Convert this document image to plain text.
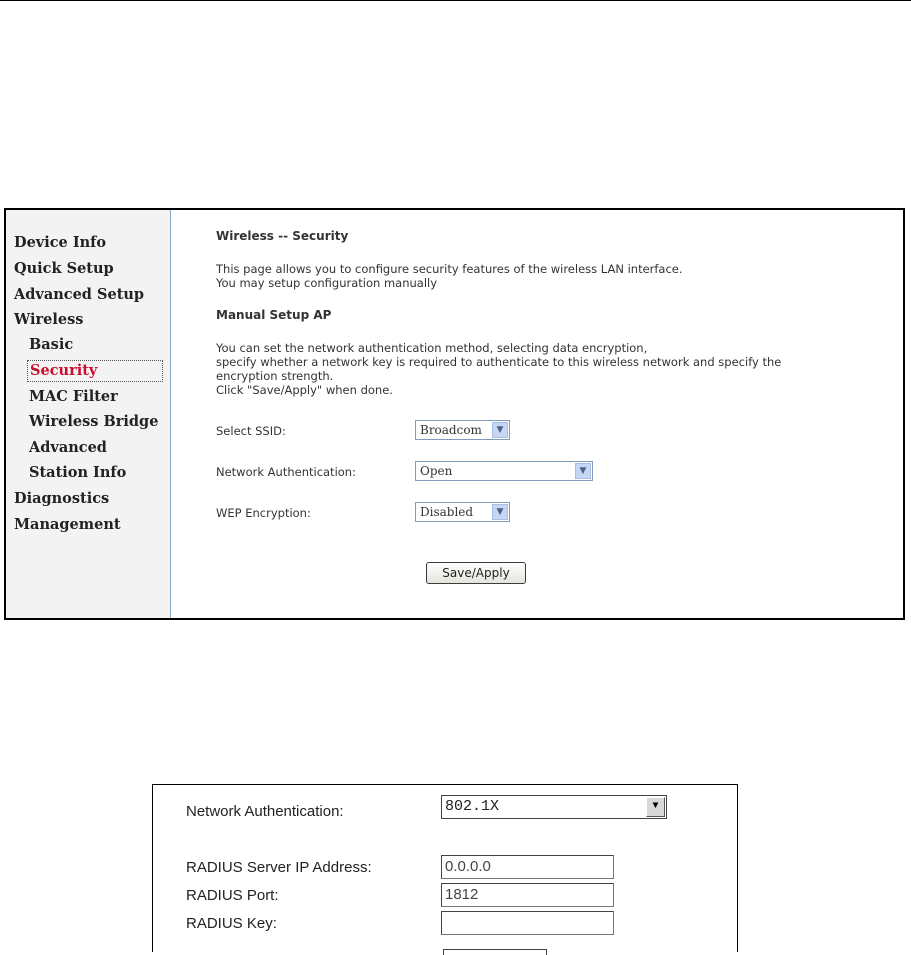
Device Info
Quick Setup
Advanced Setup
Wireless
Basic
Security
MAC Filter
Wireless Bridge
Advanced
Station Info
Diagnostics
Management
Wireless -- Security
This page allows you to configure security features of the wireless LAN interface.
You may setup configuration manually
Manual Setup AP
You can set the network authentication method, selecting data encryption,
specify whether a network key is required to authenticate to this wireless network and specify the
encryption strength.
Click "Save/Apply" when done.
Select SSID:	Broadcom	▼
Network Authentication:	Open	▼
WEP Encryption:	Disabled	▼
Save/Apply
Network Authentication:	802.1X	▼
RADIUS Server IP Address:	0.0.0.0
RADIUS Port:	1812
RADIUS Key:
